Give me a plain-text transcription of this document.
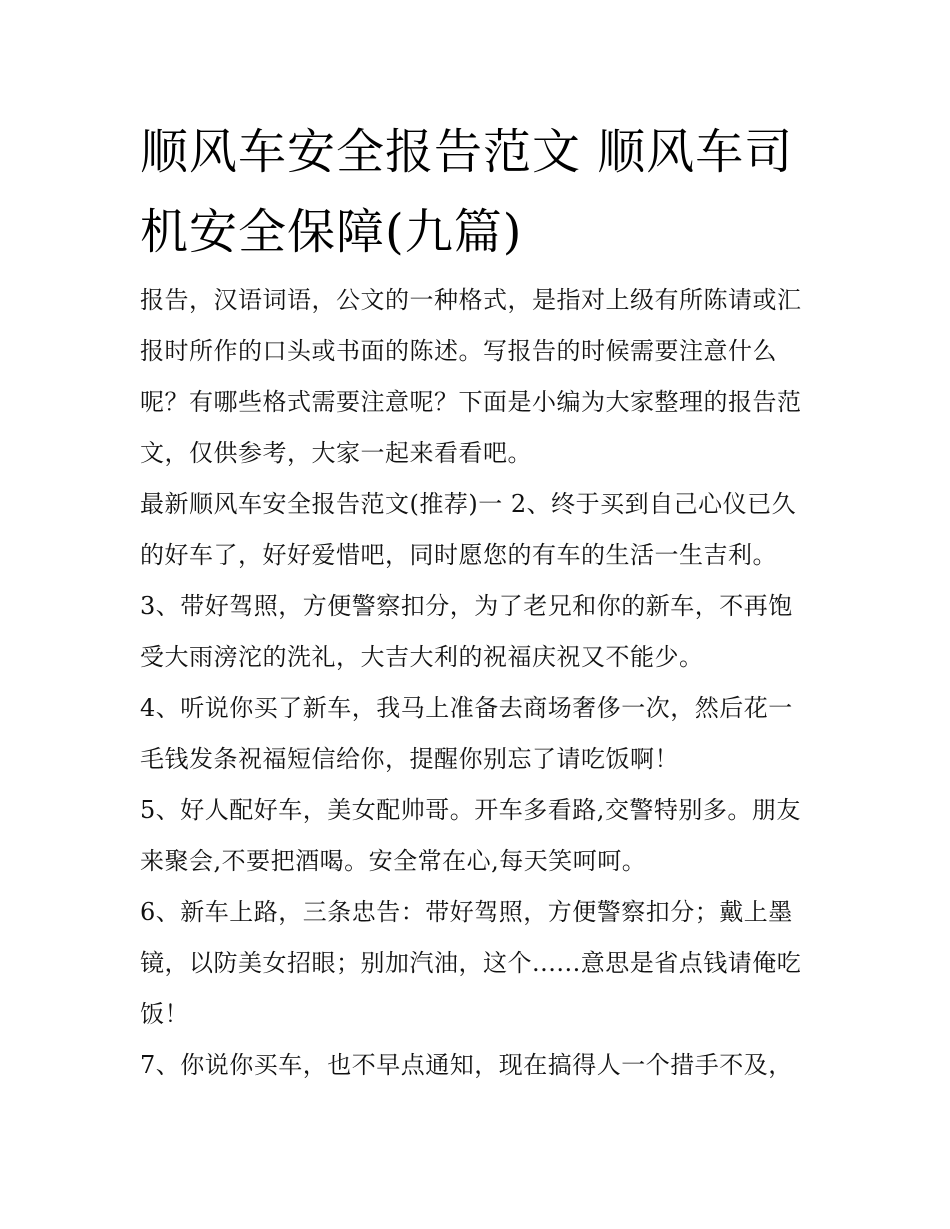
顺风车安全报告范文 顺风车司机安全保障(九篇)

报告，汉语词语，公文的一种格式，是指对上级有所陈请或汇报时所作的口头或书面的陈述。写报告的时候需要注意什么呢？有哪些格式需要注意呢？下面是小编为大家整理的报告范文，仅供参考，大家一起来看看吧。

最新顺风车安全报告范文(推荐)一 2、终于买到自己心仪已久的好车了，好好爱惜吧，同时愿您的有车的生活一生吉利。

3、带好驾照，方便警察扣分，为了老兄和你的新车，不再饱受大雨滂沱的洗礼，大吉大利的祝福庆祝又不能少。

4、听说你买了新车，我马上准备去商场奢侈一次，然后花一毛钱发条祝福短信给你，提醒你别忘了请吃饭啊！

5、好人配好车，美女配帅哥。开车多看路,交警特别多。朋友来聚会,不要把酒喝。安全常在心,每天笑呵呵。

6、新车上路，三条忠告：带好驾照，方便警察扣分；戴上墨镜，以防美女招眼；别加汽油，这个......意思是省点钱请俺吃饭！

7、你说你买车，也不早点通知，现在搞得人一个措手不及，
